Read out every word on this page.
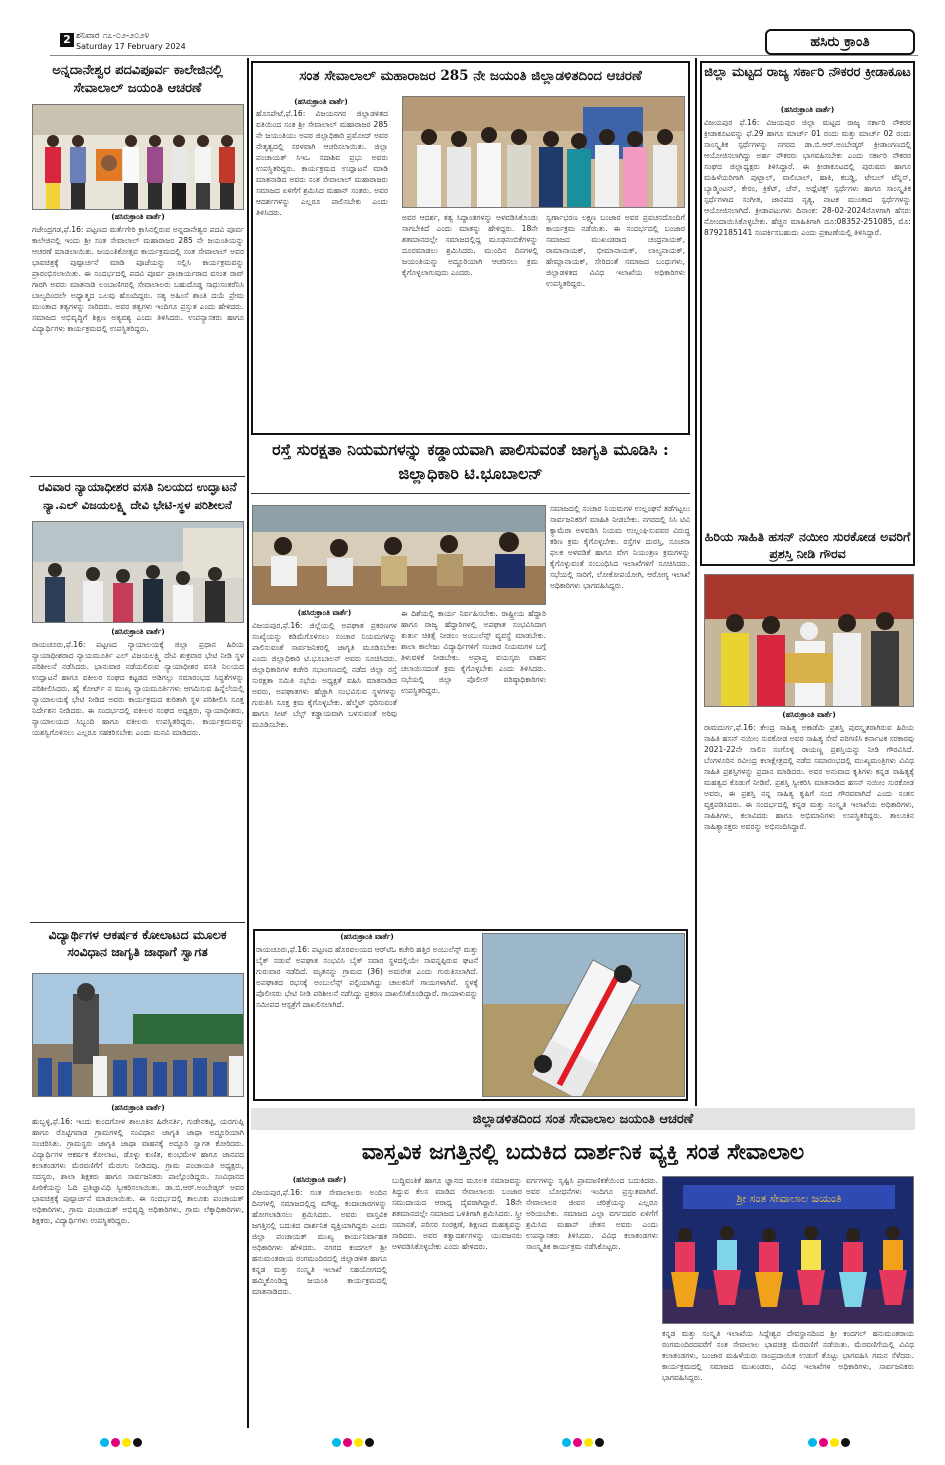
2 ಶನಿವಾರ ೧೭-೦೨-೨೦೨೪
Saturday 17 February 2024	ಹಸಿರು ಕ್ರಾಂತಿ
ಅನ್ನದಾನೇಶ್ವರ ಪದವಿಪೂರ್ವ ಕಾಲೇಜಿನಲ್ಲಿ ಸೇವಾಲಾಲ್ ಜಯಂತಿ ಆಚರಣೆ
(ಹಸಿರುಕ್ರಾಂತಿ ವಾರ್ತೆ)
ಗಜೇಂದ್ರಗಡ,ಫೆ.16: ಪಟ್ಟಣದ ಮರ್ತೆಗೇರಿ ಕ್ರಾಸಿನಲ್ಲಿರುವ ಅನ್ನದಾನೇಶ್ವರ ಪದವಿ ಪೂರ್ವ ಕಾಲೇಜಿನಲ್ಲಿ ಇಂದು ಶ್ರೀ ಸಂತ ಸೇವಾಲಾಲ್ ಮಹಾರಾಜರ 285 ನೇ ಜಯಂತಿಯನ್ನು ಆಚರಣೆ ಮಾಡಲಾಯಿತು. ಜಯಂತಿಕೋತ್ಸವ ಕಾರ್ಯಕ್ರಮದಲ್ಲಿ ಸಂತ ಸೇವಾಲಾಲ್ ಅವರ ಭಾವಚಿತ್ರಕ್ಕೆ ಪುಷ್ಪಾರ್ಚನೆ ಮಾಡಿ ಪೂಜೆಯನ್ನು ಸಲ್ಲಿಸಿ ಕಾರ್ಯಕ್ರಮವನ್ನು ಪ್ರಾರಂಭಿಸಲಾಯಿತು. ಈ ಸಂದರ್ಭದಲ್ಲಿ ಪದವಿ ಪೂರ್ವ ಪ್ರಾಚಾರ್ಯರಾದ ವಸಂತ ರಾವ್ ಗಾರಗಿ ಅವರು ಮಾತನಾಡಿ ಲಂಬಾಣಿಗರಲ್ಲಿ ಸೇವಾಲಾಲರು ಬಹುದೊಡ್ಡ ಸಾಧುಸಂತರೆನಿಸಿ ಬಾಲ್ಯದಿಂದಲೇ ಅಧ್ಯಾತ್ಮದ ಒಲವು ಹೊಂದಿದ್ದರು. ಸತ್ಯ ಅಹಿಂಸೆ ಶಾಂತಿ ದಯೆ ಪ್ರೇಮ ಮುಂತಾದ ತತ್ವಗಳನ್ನು ಸಾರಿದರು. ಅವರ ತತ್ವಗಳು ಇಂದಿಗೂ ಪ್ರಸ್ತುತ ಎಂದು ಹೇಳಿದರು. ಸಮಾಜದ ಅಭಿವೃದ್ಧಿಗೆ ಶಿಕ್ಷಣ ಅತ್ಯವಶ್ಯ ಎಂದು ತಿಳಿಸಿದರು. ಉಪನ್ಯಾಸಕರು ಹಾಗೂ ವಿದ್ಯಾರ್ಥಿಗಳು ಕಾರ್ಯಕ್ರಮದಲ್ಲಿ ಉಪಸ್ಥಿತರಿದ್ದರು.
ರವಿವಾರ ನ್ಯಾಯಾಧೀಶರ ವಸತಿ ನಿಲಯದ ಉದ್ಘಾಟನೆ
ನ್ಯಾ.ಎಲ್ ವಿಜಯಲಕ್ಷ್ಮಿ ದೇವಿ ಭೇಟಿ-ಸ್ಥಳ ಪರಿಶೀಲನೆ
(ಹಸಿರುಕ್ರಾಂತಿ ವಾರ್ತೆ)
ರಾಯಚೂರು,ಫೆ.16: ಪಟ್ಟಣದ ನ್ಯಾಯಾಲಯಕ್ಕೆ ಜಿಲ್ಲಾ ಪ್ರಧಾನ ಹಿರಿಯ ನ್ಯಾಯಾಧೀಶರಾದ ನ್ಯಾಯಮೂರ್ತಿ ಎಲ್ ವಿಜಯಲಕ್ಷ್ಮಿ ದೇವಿ ಶುಕ್ರವಾರ ಭೇಟಿ ನೀಡಿ ಸ್ಥಳ ಪರಿಶೀಲನೆ ನಡೆಸಿದರು. ಭಾನುವಾರ ನಡೆಯಲಿರುವ ನ್ಯಾಯಾಧೀಶರ ವಸತಿ ನಿಲಯದ ಉದ್ಘಾಟನೆ ಹಾಗೂ ವಕೀಲರ ಸಂಘದ ಕಟ್ಟಡದ ಅಡಿಗಲ್ಲು ಸಮಾರಂಭದ ಸಿದ್ಧತೆಗಳನ್ನು ಪರಿಶೀಲಿಸಿದರು. ಹೈ ಕೋರ್ಟ್ ನ ಮುಖ್ಯ ನ್ಯಾಯಮೂರ್ತಿಗಳು ಆಗಮಿಸುವ ಹಿನ್ನೆಲೆಯಲ್ಲಿ ನ್ಯಾಯಾಲಯಕ್ಕೆ ಭೇಟಿ ನೀಡಿದ ಅವರು ಕಾರ್ಯಕ್ರಮದ ಕುರಿತಾಗಿ ಸ್ಥಳ ಪರಿಶೀಲಿಸಿ ಸೂಕ್ತ ನಿರ್ದೇಶನ ನೀಡಿದರು. ಈ ಸಂದರ್ಭದಲ್ಲಿ ವಕೀಲರ ಸಂಘದ ಅಧ್ಯಕ್ಷರು, ನ್ಯಾಯಾಧೀಶರು, ನ್ಯಾಯಾಲಯದ ಸಿಬ್ಬಂದಿ ಹಾಗೂ ವಕೀಲರು ಉಪಸ್ಥಿತರಿದ್ದರು. ಕಾರ್ಯಕ್ರಮವನ್ನು ಯಶಸ್ವಿಗೊಳಿಸಲು ಎಲ್ಲರೂ ಸಹಕರಿಸಬೇಕು ಎಂದು ಮನವಿ ಮಾಡಿದರು.
ವಿದ್ಯಾರ್ಥಿಗಳ ಆಕರ್ಷಕ ಕೋಲಾಟದ ಮೂಲಕ ಸಂವಿಧಾನ ಜಾಗೃತಿ ಜಾಥಾಗೆ ಸ್ವಾಗತ
(ಹಸಿರುಕ್ರಾಂತಿ ವಾರ್ತೆ)
ಹುಬ್ಬಳ್ಳಿ,ಫೆ.16: ಇಂದು ಕುಂದಗೋಳ ತಾಲೂಕಿನ ಹಿರೇನರ್ತಿ, ಗುಡೇನಕಟ್ಟಿ, ಯರಗುಪ್ಪಿ ಹಾಗೂ ರೊಟ್ಟಿಗವಾಡ ಗ್ರಾಮಗಳಲ್ಲಿ ಸಂವಿಧಾನ ಜಾಗೃತಿ ಜಾಥಾ ಅದ್ದೂರಿಯಾಗಿ ಸಂಚರಿಸಿತು. ಗ್ರಾಮಸ್ಥರು ಜಾಗೃತಿ ಜಾಥಾ ವಾಹನಕ್ಕೆ ಅದ್ಧೂರಿ ಸ್ವಾಗತ ಕೋರಿದರು. ವಿದ್ಯಾರ್ಥಿಗಳ ಆಕರ್ಷಕ ಕೋಲಾಟ, ಡೊಳ್ಳು ಕುಣಿತ, ಕುಂಭಮೇಳ ಹಾಗೂ ಜಾನಪದ ಕಲಾತಂಡಗಳು ಮೆರವಣಿಗೆಗೆ ಮೆರುಗು ನೀಡಿದವು. ಗ್ರಾಮ ಪಂಚಾಯತಿ ಅಧ್ಯಕ್ಷರು, ಸದಸ್ಯರು, ಶಾಲಾ ಶಿಕ್ಷಕರು ಹಾಗೂ ಸಾರ್ವಜನಿಕರು ಪಾಲ್ಗೊಂಡಿದ್ದರು. ಸಂವಿಧಾನದ ಪೀಠಿಕೆಯನ್ನು ಓದಿ ಪ್ರತಿಜ್ಞಾವಿಧಿ ಸ್ವೀಕರಿಸಲಾಯಿತು. ಡಾ.ಬಿ.ಆರ್.ಅಂಬೇಡ್ಕರ್ ಅವರ ಭಾವಚಿತ್ರಕ್ಕೆ ಪುಷ್ಪಾರ್ಚನೆ ಮಾಡಲಾಯಿತು. ಈ ಸಂದರ್ಭದಲ್ಲಿ ತಾಲೂಕು ಪಂಚಾಯತ್ ಅಧಿಕಾರಿಗಳು, ಗ್ರಾಮ ಪಂಚಾಯತ್ ಅಭಿವೃದ್ಧಿ ಅಧಿಕಾರಿಗಳು, ಗ್ರಾಮ ಲೆಕ್ಕಾಧಿಕಾರಿಗಳು, ಶಿಕ್ಷಕರು, ವಿದ್ಯಾರ್ಥಿಗಳು ಉಪಸ್ಥಿತರಿದ್ದರು.
ಸಂತ ಸೇವಾಲಾಲ್ ಮಹಾರಾಜರ 285 ನೇ ಜಯಂತಿ ಜಿಲ್ಲಾಡಳಿತದಿಂದ ಆಚರಣೆ
(ಹಸಿರುಕ್ರಾಂತಿ ವಾರ್ತೆ)
ಹೊಸಪೇಟೆ,ಫೆ.16: ವಿಜಯನಗರ ಜಿಲ್ಲಾಡಳಿತದ ವತಿಯಿಂದ ಸಂತ ಶ್ರೀ ಸೇವಾಲಾಲ್ ಮಹಾರಾಜರ 285 ನೇ ಜಯಂತಿಯು ಅಪರ ಜಿಲ್ಲಾಧಿಕಾರಿ ಪ್ರಮೋದ್ ಅವರ ನೇತೃತ್ವದಲ್ಲಿ ಸರಳವಾಗಿ ಆಚರಿಸಲಾಯಿತು. ಜಿಲ್ಲಾ ಪಂಚಾಯತ್ ಸಿಇಒ ಸದಾಶಿವ ಪ್ರಭು ಅವರು ಉಪಸ್ಥಿತರಿದ್ದರು. ಕಾರ್ಯಕ್ರಮದ ಉದ್ಘಾಟನೆ ಮಾಡಿ ಮಾತನಾಡಿದ ಅವರು ಸಂತ ಸೇವಾಲಾಲ್ ಮಹಾರಾಜರು ಸಮಾಜದ ಏಳಿಗೆಗೆ ಶ್ರಮಿಸಿದ ಮಹಾನ್ ಸಂತರು. ಅವರ ಆದರ್ಶಗಳನ್ನು ಎಲ್ಲರೂ ಪಾಲಿಸಬೇಕು ಎಂದು ತಿಳಿಸಿದರು.
ಅವರ ಆದರ್ಶ, ತತ್ವ ಸಿದ್ಧಾಂತಗಳನ್ನು ಅಳವಡಿಸಿಕೊಂಡು ಸಾಗಬೇಕಿದೆ ಎಂದು ಮಾತನ್ನು ಹೇಳಿದ್ದರು. 18ನೇ ಶತಮಾನದಲ್ಲೇ ಸಮಾಜದಲ್ಲಿದ್ದ ಮೂಢನಂಬಿಕೆಗಳನ್ನು ದೂರಮಾಡಲು ಶ್ರಮಿಸಿದರು. ಮುಂದಿನ ದಿನಗಳಲ್ಲಿ ಜಯಂತಿಯನ್ನು ಅದ್ದೂರಿಯಾಗಿ ಆಚರಿಸಲು ಕ್ರಮ ಕೈಗೊಳ್ಳಲಾಗುವುದು ಎಂದರು.
ಸ್ವರ್ಣಾಭರಣ ಲಕ್ಷ್ಮಣ ಬಂಜಾರ ಅವರ ಪ್ರವಚನದೊಂದಿಗೆ ಕಾರ್ಯಕ್ರಮ ನಡೆಯಿತು. ಈ ಸಂದರ್ಭದಲ್ಲಿ ಬಂಜಾರ ಸಮಾಜದ ಮುಖಂಡರಾದ ಚಂದ್ರನಾಯಕ್, ರಾಮಾನಾಯಕ್, ಭೀಮಾನಾಯಕ್, ಲಾಲ್ಯನಾಯಕ್, ಹೇಮ್ಲಾನಾಯಕ್, ಸೇರಿದಂತೆ ಸಮಾಜದ ಬಂಧುಗಳು, ಜಿಲ್ಲಾಡಳಿತದ ವಿವಿಧ ಇಲಾಖೆಯ ಅಧಿಕಾರಿಗಳು ಉಪಸ್ಥಿತರಿದ್ದರು.
ರಸ್ತೆ ಸುರಕ್ಷತಾ ನಿಯಮಗಳನ್ನು ಕಡ್ಡಾಯವಾಗಿ ಪಾಲಿಸುವಂತೆ ಜಾಗೃತಿ ಮೂಡಿಸಿ : ಜಿಲ್ಲಾಧಿಕಾರಿ ಟಿ.ಭೂಬಾಲನ್
(ಹಸಿರುಕ್ರಾಂತಿ ವಾರ್ತೆ)
ವಿಜಯಪುರ,ಫೆ.16: ಜಿಲ್ಲೆಯಲ್ಲಿ ಅಪಘಾತ ಪ್ರಕರಣಗಳ ಸಂಖ್ಯೆಯನ್ನು ಕಡಿಮೆಗೊಳಿಸಲು ಸಂಚಾರ ನಿಯಮಗಳನ್ನು ಪಾಲಿಸುವಂತೆ ಸಾರ್ವಜನಿಕರಲ್ಲಿ ಜಾಗೃತಿ ಮೂಡಿಸಬೇಕು ಎಂದು ಜಿಲ್ಲಾಧಿಕಾರಿ ಟಿ.ಭೂಬಾಲನ್ ಅವರು ಸೂಚಿಸಿದರು. ಜಿಲ್ಲಾಧಿಕಾರಿಗಳ ಕಚೇರಿ ಸಭಾಂಗಣದಲ್ಲಿ ನಡೆದ ಜಿಲ್ಲಾ ರಸ್ತೆ ಸುರಕ್ಷತಾ ಸಮಿತಿ ಸಭೆಯ ಅಧ್ಯಕ್ಷತೆ ವಹಿಸಿ ಮಾತನಾಡಿದ ಅವರು, ಅಪಘಾತಗಳು ಹೆಚ್ಚಾಗಿ ಸಂಭವಿಸುವ ಸ್ಥಳಗಳನ್ನು ಗುರುತಿಸಿ ಸೂಕ್ತ ಕ್ರಮ ಕೈಗೊಳ್ಳಬೇಕು. ಹೆಲ್ಮೆಟ್ ಧರಿಸುವಂತೆ ಹಾಗೂ ಸೀಟ್ ಬೆಲ್ಟ್ ಕಡ್ಡಾಯವಾಗಿ ಬಳಸುವಂತೆ ಅರಿವು ಮೂಡಿಸಬೇಕು.
ಈ ದಿಶೆಯಲ್ಲಿ ಕಾರ್ಯ ನಿರ್ವಹಿಸಬೇಕು. ರಾಷ್ಟ್ರೀಯ ಹೆದ್ದಾರಿ ಹಾಗೂ ರಾಜ್ಯ ಹೆದ್ದಾರಿಗಳಲ್ಲಿ ಅಪಘಾತ ಸಂಭವಿಸಿದಾಗ ತುರ್ತು ಚಿಕಿತ್ಸೆ ನೀಡಲು ಅಂಬುಲೆನ್ಸ್ ವ್ಯವಸ್ಥೆ ಮಾಡಬೇಕು. ಶಾಲಾ ಕಾಲೇಜು ವಿದ್ಯಾರ್ಥಿಗಳಿಗೆ ಸಂಚಾರ ನಿಯಮಗಳ ಬಗ್ಗೆ ತಿಳುವಳಿಕೆ ನೀಡಬೇಕು. ಅಪ್ರಾಪ್ತ ವಯಸ್ಕರು ವಾಹನ ಚಲಾಯಿಸದಂತೆ ಕ್ರಮ ಕೈಗೊಳ್ಳಬೇಕು ಎಂದು ತಿಳಿಸಿದರು. ಸಭೆಯಲ್ಲಿ ಜಿಲ್ಲಾ ಪೊಲೀಸ್ ವರಿಷ್ಠಾಧಿಕಾರಿಗಳು ಉಪಸ್ಥಿತರಿದ್ದರು.
ಸಮಾಜದಲ್ಲಿ ಸಂಚಾರ ನಿಯಮಗಳ ಉಲ್ಲಂಘನೆ ತಡೆಗಟ್ಟಲು ಸಾರ್ವಜನಿಕರಿಗೆ ಮಾಹಿತಿ ನೀಡಬೇಕು. ನಗರದಲ್ಲಿ ಸಿಸಿ ಟಿವಿ ಕ್ಯಾಮೆರಾ ಅಳವಡಿಸಿ ನಿಯಮ ಉಲ್ಲಂಘಿಸುವವರ ವಿರುದ್ಧ ಕಠಿಣ ಕ್ರಮ ಕೈಗೊಳ್ಳಬೇಕು. ರಸ್ತೆಗಳ ದುರಸ್ತಿ, ಸೂಚನಾ ಫಲಕ ಅಳವಡಿಕೆ ಹಾಗೂ ವೇಗ ನಿಯಂತ್ರಣ ಕ್ರಮಗಳನ್ನು ಕೈಗೊಳ್ಳುವಂತೆ ಸಂಬಂಧಿಸಿದ ಇಲಾಖೆಗಳಿಗೆ ಸೂಚಿಸಿದರು. ಸಭೆಯಲ್ಲಿ ಸಾರಿಗೆ, ಲೋಕೋಪಯೋಗಿ, ಆರೋಗ್ಯ ಇಲಾಖೆ ಅಧಿಕಾರಿಗಳು ಭಾಗವಹಿಸಿದ್ದರು.
(ಹಸಿರುಕ್ರಾಂತಿ ವಾರ್ತೆ)
ರಾಯಚೂರು,ಫೆ.16: ಪಟ್ಟಣದ ಹೊರವಲಯದ ಆರ್‌ಟಿಓ ಕಚೇರಿ ಹತ್ತಿರ ಅಂಬುಲೆನ್ಸ್ ಮತ್ತು ಬೈಕ್ ನಡುವೆ ಅಪಘಾತ ಸಂಭವಿಸಿ ಬೈಕ್ ಸವಾರ ಸ್ಥಳದಲ್ಲಿಯೇ ಸಾವನ್ನಪ್ಪಿರುವ ಘಟನೆ ಗುರುವಾರ ನಡೆದಿದೆ. ಮೃತನನ್ನು ಗ್ರಾಮದ (36) ಅಮರೇಶ ಎಂದು ಗುರುತಿಸಲಾಗಿದೆ. ಅಪಘಾತದ ರಭಸಕ್ಕೆ ಅಂಬುಲೆನ್ಸ್ ಪಲ್ಟಿಯಾಗಿದ್ದು ಚಾಲಕನಿಗೆ ಗಾಯಗಳಾಗಿವೆ. ಸ್ಥಳಕ್ಕೆ ಪೊಲೀಸರು ಭೇಟಿ ನೀಡಿ ಪರಿಶೀಲನೆ ನಡೆಸಿದ್ದು ಪ್ರಕರಣ ದಾಖಲಿಸಿಕೊಂಡಿದ್ದಾರೆ. ಗಾಯಾಳುವನ್ನು ಸಮೀಪದ ಆಸ್ಪತ್ರೆಗೆ ದಾಖಲಿಸಲಾಗಿದೆ.
ಜಿಲ್ಲಾ ಮಟ್ಟದ ರಾಜ್ಯ ಸರ್ಕಾರಿ ನೌಕರರ ಕ್ರೀಡಾಕೂಟ
(ಹಸಿರುಕ್ರಾಂತಿ ವಾರ್ತೆ)
ವಿಜಯಪುರ ಫೆ.16: ವಿಜಯಪುರ ಜಿಲ್ಲಾ ಮಟ್ಟದ ರಾಜ್ಯ ಸರ್ಕಾರಿ ನೌಕರರ ಕ್ರೀಡಾಕೂಟವನ್ನು ಫೆ.29 ಹಾಗೂ ಮಾರ್ಚ್ 01 ರಂದು ಮತ್ತು ಮಾರ್ಚ್ 02 ರಂದು ಸಾಂಸ್ಕೃತಿಕ ಸ್ಪರ್ಧೆಗಳನ್ನು ನಗರದ ಡಾ.ಬಿ.ಆರ್.ಅಂಬೇಡ್ಕರ್ ಕ್ರೀಡಾಂಗಣದಲ್ಲಿ ಆಯೋಜಿಸಲಾಗಿದ್ದು ಅರ್ಹ ನೌಕರರು ಭಾಗವಹಿಸಬೇಕು ಎಂದು ಸರ್ಕಾರಿ ನೌಕರರ ಸಂಘದ ಜಿಲ್ಲಾಧ್ಯಕ್ಷರು ತಿಳಿಸಿದ್ದಾರೆ. ಈ ಕ್ರೀಡಾಕೂಟದಲ್ಲಿ ಪುರುಷರು ಹಾಗೂ ಮಹಿಳೆಯರಿಗಾಗಿ ಪುಟ್ಬಾಲ್, ವಾಲಿಬಾಲ್, ಹಾಕಿ, ಕಬಡ್ಡಿ, ಟೇಬಲ್ ಟೆನ್ನಿಸ್, ಬ್ಯಾಡ್ಮಿಂಟನ್, ಕೇರಂ, ಕ್ರಿಕೆಟ್, ಚೆಸ್, ಅಥ್ಲೆಟಿಕ್ಸ್ ಸ್ಪರ್ಧೆಗಳು ಹಾಗೂ ಸಾಂಸ್ಕೃತಿಕ ಸ್ಪರ್ಧೆಗಳಾದ ಸಂಗೀತ, ಜಾನಪದ ನೃತ್ಯ, ನಾಟಕ ಮುಂತಾದ ಸ್ಪರ್ಧೆಗಳನ್ನು ಆಯೋಜಿಸಲಾಗಿದೆ. ಕ್ರೀಡಾಪಟುಗಳು ದಿನಾಂಕ: 28-02-2024ರೊಳಗಾಗಿ ಹೆಸರು ನೋಂದಾಯಿಸಿಕೊಳ್ಳಬೇಕು. ಹೆಚ್ಚಿನ ಮಾಹಿತಿಗಾಗಿ ದೂ:08352-251085, ಮೊ: 8792185141 ಸಂಪರ್ಕಿಸಬಹುದು ಎಂದು ಪ್ರಕಟಣೆಯಲ್ಲಿ ತಿಳಿಸಿದ್ದಾರೆ.
ಹಿರಿಯ ಸಾಹಿತಿ ಹಸನ್ ನಯೀಂ ಸುರಕೋಡ ಅವರಿಗೆ ಪ್ರಶಸ್ತಿ ನೀಡಿ ಗೌರವ
(ಹಸಿರುಕ್ರಾಂತಿ ವಾರ್ತೆ)
ರಾಮದುರ್ಗ,ಫೆ.16: ಕೇಂದ್ರ ಸಾಹಿತ್ಯ ಅಕಾಡೆಮಿ ಪ್ರಶಸ್ತಿ ಪುರಸ್ಕೃತರಾಗಿರುವ ಹಿರಿಯ ಸಾಹಿತಿ ಹಸನ್ ನಯೀಂ ಸುರಕೋಡ ಅವರ ಸಾಹಿತ್ಯ ಸೇವೆ ಪರಿಗಣಿಸಿ ಕರ್ನಾಟಕ ಸರಕಾರವು 2021-22ನೇ ಸಾಲಿನ ಸಂಗೊಳ್ಳಿ ರಾಯಣ್ಣ ಪ್ರಶಸ್ತಿಯನ್ನು ನೀಡಿ ಗೌರವಿಸಿದೆ. ಬೆಂಗಳೂರಿನ ರವೀಂದ್ರ ಕಲಾಕ್ಷೇತ್ರದಲ್ಲಿ ನಡೆದ ಸಮಾರಂಭದಲ್ಲಿ ಮುಖ್ಯಮಂತ್ರಿಗಳು ವಿವಿಧ ಸಾಹಿತಿ ಪ್ರಶಸ್ತಿಗಳನ್ನು ಪ್ರದಾನ ಮಾಡಿದರು. ಅವರ ಅನುವಾದ ಕೃತಿಗಳು ಕನ್ನಡ ಸಾಹಿತ್ಯಕ್ಕೆ ಮಹತ್ವದ ಕೊಡುಗೆ ನೀಡಿವೆ. ಪ್ರಶಸ್ತಿ ಸ್ವೀಕರಿಸಿ ಮಾತನಾಡಿದ ಹಸನ್ ನಯೀಂ ಸುರಕೋಡ ಅವರು, ಈ ಪ್ರಶಸ್ತಿ ನನ್ನ ಸಾಹಿತ್ಯ ಕೃಷಿಗೆ ಸಂದ ಗೌರವವಾಗಿದೆ ಎಂದು ಸಂತಸ ವ್ಯಕ್ತಪಡಿಸಿದರು. ಈ ಸಂದರ್ಭದಲ್ಲಿ ಕನ್ನಡ ಮತ್ತು ಸಂಸ್ಕೃತಿ ಇಲಾಖೆಯ ಅಧಿಕಾರಿಗಳು, ಸಾಹಿತಿಗಳು, ಕಲಾವಿದರು ಹಾಗೂ ಅಭಿಮಾನಿಗಳು ಉಪಸ್ಥಿತರಿದ್ದರು. ತಾಲೂಕಿನ ಸಾಹಿತ್ಯಾಸಕ್ತರು ಅವರನ್ನು ಅಭಿನಂದಿಸಿದ್ದಾರೆ.
ಜಿಲ್ಲಾಡಳಿತದಿಂದ ಸಂತ ಸೇವಾಲಾಲ ಜಯಂತಿ ಆಚರಣೆ
ವಾಸ್ತವಿಕ ಜಗತ್ತಿನಲ್ಲಿ ಬದುಕಿದ ದಾರ್ಶನಿಕ ವ್ಯಕ್ತಿ ಸಂತ ಸೇವಾಲಾಲ
(ಹಸಿರುಕ್ರಾಂತಿ ವಾರ್ತೆ)
ವಿಜಯಪುರ,ಫೆ.16: ಸಂತ ಸೇವಾಲಾಲರು ಅಂದಿನ ದಿನಗಳಲ್ಲಿ ಸಮಾಜದಲ್ಲಿದ್ದ ಮೌಢ್ಯ, ಕಂದಾಚಾರಗಳನ್ನು ಹೋಗಲಾಡಿಸಲು ಶ್ರಮಿಸಿದರು. ಅವರು ವಾಸ್ತವಿಕ ಜಗತ್ತಿನಲ್ಲಿ ಬದುಕಿದ ದಾರ್ಶನಿಕ ವ್ಯಕ್ತಿಯಾಗಿದ್ದರು ಎಂದು ಜಿಲ್ಲಾ ಪಂಚಾಯತ್ ಮುಖ್ಯ ಕಾರ್ಯನಿರ್ವಾಹಕ ಅಧಿಕಾರಿಗಳು ಹೇಳಿದರು. ನಗರದ ಕಂದಗಲ್ ಶ್ರೀ ಹನುಮಂತರಾಯ ರಂಗಮಂದಿರದಲ್ಲಿ ಜಿಲ್ಲಾಡಳಿತ ಹಾಗೂ ಕನ್ನಡ ಮತ್ತು ಸಂಸ್ಕೃತಿ ಇಲಾಖೆ ಸಹಯೋಗದಲ್ಲಿ ಹಮ್ಮಿಕೊಂಡಿದ್ದ ಜಯಂತಿ ಕಾರ್ಯಕ್ರಮದಲ್ಲಿ ಮಾತನಾಡಿದರು.
ಬುದ್ಧಿವಂತಿಕೆ ಹಾಗೂ ಜ್ಞಾನದ ಮೂಲಕ ಸಮಾಜವನ್ನು ತಿದ್ದುವ ಕೆಲಸ ಮಾಡಿದ ಸೇವಾಲಾಲರು ಬಂಜಾರ ಸಮುದಾಯದ ಆರಾಧ್ಯ ದೈವರಾಗಿದ್ದಾರೆ. 18ನೇ ಶತಮಾನದಲ್ಲೇ ಸಮಾಜದ ಒಳಿತಿಗಾಗಿ ಶ್ರಮಿಸಿದರು. ಸ್ತ್ರೀ ಸಮಾನತೆ, ಪರಿಸರ ಸಂರಕ್ಷಣೆ, ಶಿಕ್ಷಣದ ಮಹತ್ವವನ್ನು ಸಾರಿದರು. ಅವರ ತತ್ವಾದರ್ಶಗಳನ್ನು ಯುವಜನರು ಅಳವಡಿಸಿಕೊಳ್ಳಬೇಕು ಎಂದು ಹೇಳಿದರು.
ವರ್ಗಗಳನ್ನು ಸೃಷ್ಟಿಸಿ ಪ್ರಾಮಾಣಿಕತೆಯಿಂದ ಬದುಕಿದರು. ಅವರ ಬೋಧನೆಗಳು ಇಂದಿಗೂ ಪ್ರಸ್ತುತವಾಗಿವೆ. ಸೇವಾಲಾಲರ ಜೀವನ ಚರಿತ್ರೆಯನ್ನು ಎಲ್ಲರೂ ಅರಿಯಬೇಕು. ಸಮಾಜದ ಎಲ್ಲಾ ವರ್ಗದವರ ಏಳಿಗೆಗೆ ಶ್ರಮಿಸಿದ ಮಹಾನ್ ಚೇತನ ಅವರು ಎಂದು ಉಪನ್ಯಾಸಕರು ತಿಳಿಸಿದರು. ವಿವಿಧ ಕಲಾತಂಡಗಳು ಸಾಂಸ್ಕೃತಿಕ ಕಾರ್ಯಕ್ರಮ ನಡೆಸಿಕೊಟ್ಟರು.
ಶ್ರೀ ಸಂತ ಸೇವಾಲಾಲ ಜಯಂತಿ
ಕನ್ನಡ ಮತ್ತು ಸಂಸ್ಕೃತಿ ಇಲಾಖೆಯ ಸಿದ್ದೇಶ್ವರ ದೇವಸ್ಥಾನದಿಂದ ಶ್ರೀ ಕಂದಗಲ್ ಹನುಮಂತರಾಯ ರಂಗಮಂದಿರದವರೆಗೆ ಸಂತ ಸೇವಾಲಾಲ ಭಾವಚಿತ್ರ ಮೆರವಣಿಗೆ ನಡೆಯಿತು. ಮೆರವಣಿಗೆಯಲ್ಲಿ ವಿವಿಧ ಕಲಾತಂಡಗಳು, ಬಂಜಾರ ಮಹಿಳೆಯರು ಸಾಂಪ್ರದಾಯಿಕ ಉಡುಗೆ ತೊಟ್ಟು ಭಾಗವಹಿಸಿ ಗಮನ ಸೆಳೆದರು. ಕಾರ್ಯಕ್ರಮದಲ್ಲಿ ಸಮಾಜದ ಮುಖಂಡರು, ವಿವಿಧ ಇಲಾಖೆಗಳ ಅಧಿಕಾರಿಗಳು, ಸಾರ್ವಜನಿಕರು ಭಾಗವಹಿಸಿದ್ದರು.
